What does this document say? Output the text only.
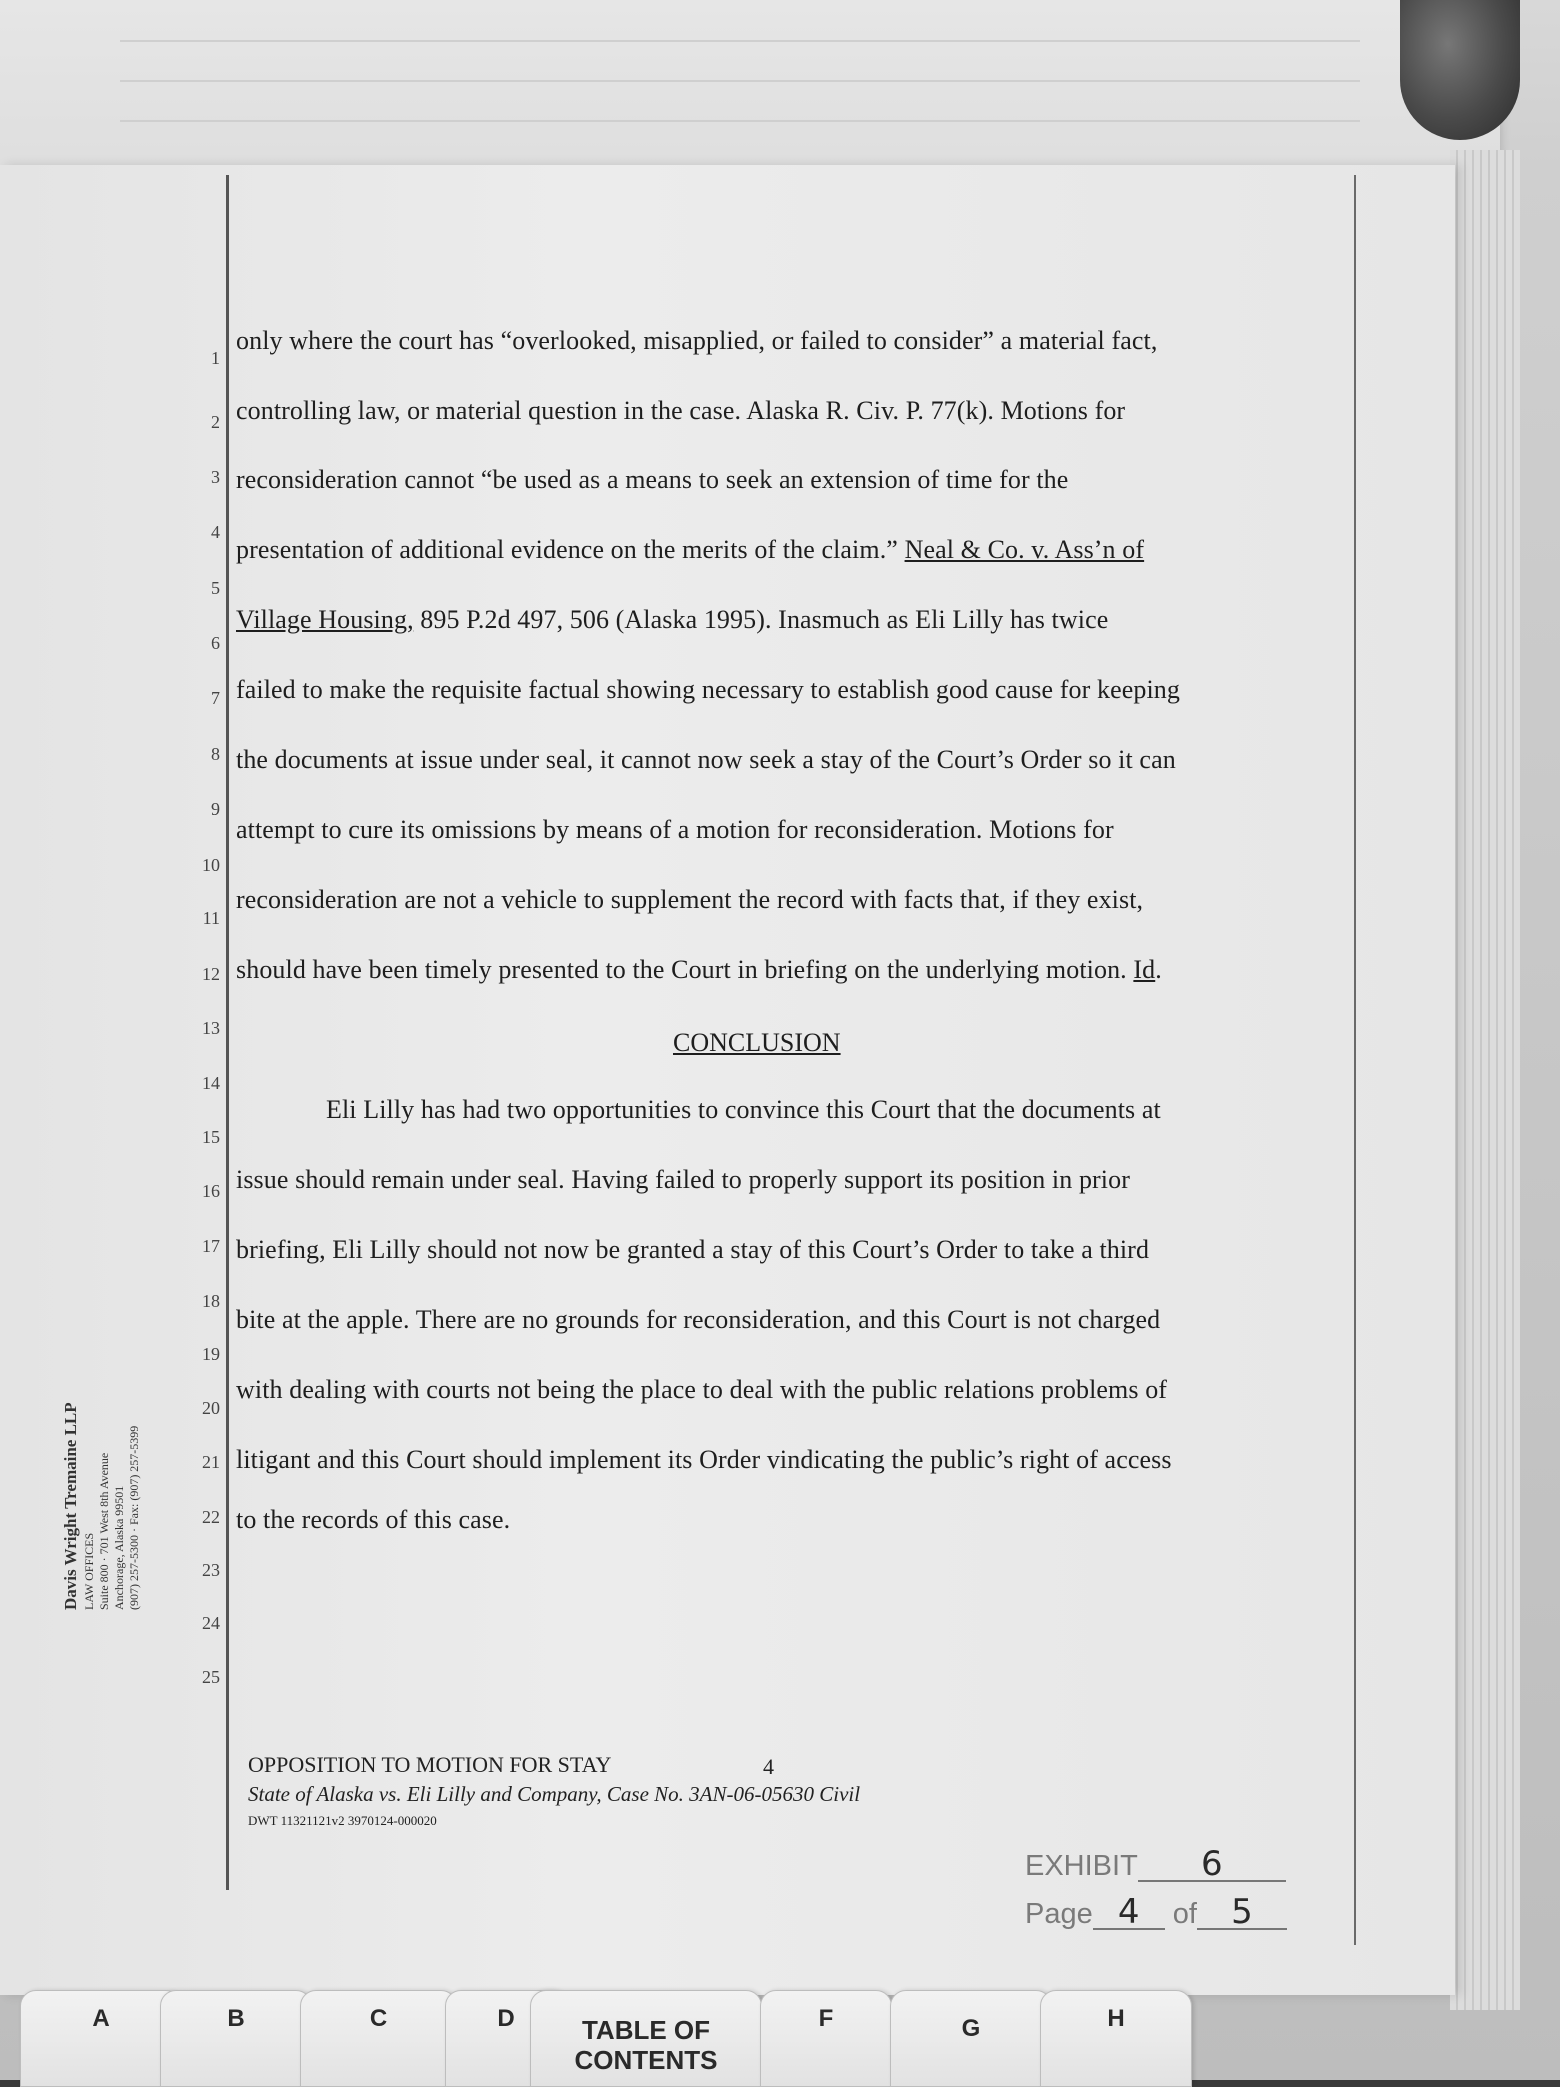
1
2
3
4
5
6
7
8
9
10
11
12
13
14
15
16
17
18
19
20
21
22
23
24
25
only where the court has “overlooked, misapplied, or failed to consider” a material fact,
controlling law, or material question in the case. Alaska R. Civ. P. 77(k). Motions for
reconsideration cannot “be used as a means to seek an extension of time for the
presentation of additional evidence on the merits of the claim.” Neal & Co. v. Ass’n of
Village Housing, 895 P.2d 497, 506 (Alaska 1995). Inasmuch as Eli Lilly has twice
failed to make the requisite factual showing necessary to establish good cause for keeping
the documents at issue under seal, it cannot now seek a stay of the Court’s Order so it can
attempt to cure its omissions by means of a motion for reconsideration. Motions for
reconsideration are not a vehicle to supplement the record with facts that, if they exist,
should have been timely presented to the Court in briefing on the underlying motion. Id.
Eli Lilly has had two opportunities to convince this Court that the documents at
issue should remain under seal. Having failed to properly support its position in prior
briefing, Eli Lilly should not now be granted a stay of this Court’s Order to take a third
bite at the apple. There are no grounds for reconsideration, and this Court is not charged
with dealing with courts not being the place to deal with the public relations problems of
litigant and this Court should implement its Order vindicating the public’s right of access
to the records of this case.
CONCLUSION
Davis Wright Tremaine LLP LAW OFFICES Suite 800 · 701 West 8th Avenue Anchorage, Alaska 99501 (907) 257-5300 · Fax: (907) 257-5399
OPPOSITION TO MOTION FOR STAY	4
State of Alaska vs. Eli Lilly and Company, Case No. 3AN-06-05630 Civil
DWT 11321121v2 3970124-000020
EXHIBIT 6
Page 4 of 5
A	B	C	D	TABLE OF
CONTENTS
F	G	H
